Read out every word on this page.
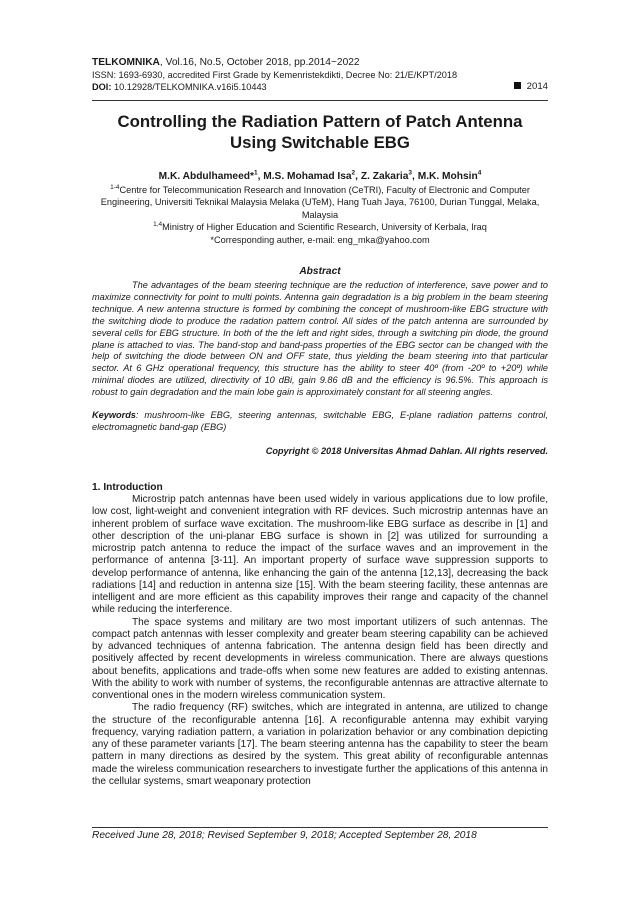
TELKOMNIKA, Vol.16, No.5, October 2018, pp.2014~2022
ISSN: 1693-6930, accredited First Grade by Kemenristekdikti, Decree No: 21/E/KPT/2018
DOI: 10.12928/TELKOMNIKA.v16i5.10443	2014
Controlling the Radiation Pattern of Patch Antenna
Using Switchable EBG
M.K. Abdulhameed*$^1$, M.S. Mohamad Isa$^2$, Z. Zakaria$^3$, M.K. Mohsin$^4$
$^{1-4}$Centre for Telecommunication Research and Innovation (CeTRI), Faculty of Electronic and Computer Engineering, Universiti Teknikal Malaysia Melaka (UTeM), Hang Tuah Jaya, 76100, Durian Tunggal, Melaka, Malaysia
$^{1,4}$Ministry of Higher Education and Scientific Research, University of Kerbala, Iraq
*Corresponding auther, e-mail: eng_mka@yahoo.com
Abstract
The advantages of the beam steering technique are the reduction of interference, save power and to maximize connectivity for point to multi points. Antenna gain degradation is a big problem in the beam steering technique. A new antenna structure is formed by combining the concept of mushroom-like EBG structure with the switching diode to produce the radation pattern control. All sides of the patch antenna are surrounded by several cells for EBG structure. In both of the the left and right sides, through a switching pin diode, the ground plane is attached to vias. The band-stop and band-pass properties of the EBG sector can be changed with the help of switching the diode between ON and OFF state, thus yielding the beam steering into that particular sector. At 6 GHz operational frequency, this structure has the ability to steer 40º (from -20º to +20º) while minimal diodes are utilized, directivity of 10 dBi, gain 9.86 dB and the efficiency is 96.5%. This approach is robust to gain degradation and the main lobe gain is approximately constant for all steering angles.
Keywords: mushroom-like EBG, steering antennas, switchable EBG, E-plane radiation patterns control, electromagnetic band-gap (EBG)
Copyright © 2018 Universitas Ahmad Dahlan. All rights reserved.
1. Introduction

Microstrip patch antennas have been used widely in various applications due to low profile, low cost, light-weight and convenient integration with RF devices. Such microstrip antennas have an inherent problem of surface wave excitation. The mushroom-like EBG surface as describe in [1] and other description of the uni-planar EBG surface is shown in [2] was utilized for surrounding a microstrip patch antenna to reduce the impact of the surface waves and an improvement in the performance of antenna [3-11]. An important property of surface wave suppression supports to develop performance of antenna, like enhancing the gain of the antenna [12,13], decreasing the back radiations [14] and reduction in antenna size [15]. With the beam steering facility, these antennas are intelligent and are more efficient as this capability improves their range and capacity of the channel while reducing the interference.

The space systems and military are two most important utilizers of such antennas. The compact patch antennas with lesser complexity and greater beam steering capability can be achieved by advanced techniques of antenna fabrication. The antenna design field has been directly and positively affected by recent developments in wireless communication. There are always questions about benefits, applications and trade-offs when some new features are added to existing antennas. With the ability to work with number of systems, the reconfigurable antennas are attractive alternate to conventional ones in the modern wireless communication system.

The radio frequency (RF) switches, which are integrated in antenna, are utilized to change the structure of the reconfigurable antenna [16]. A reconfigurable antenna may exhibit varying frequency, varying radiation pattern, a variation in polarization behavior or any combination depicting any of these parameter variants [17]. The beam steering antenna has the capability to steer the beam pattern in many directions as desired by the system. This great ability of reconfigurable antennas made the wireless communication researchers to investigate further the applications of this antenna in the cellular systems, smart weaponary protection

Received June 28, 2018; Revised September 9, 2018; Accepted September 28, 2018
